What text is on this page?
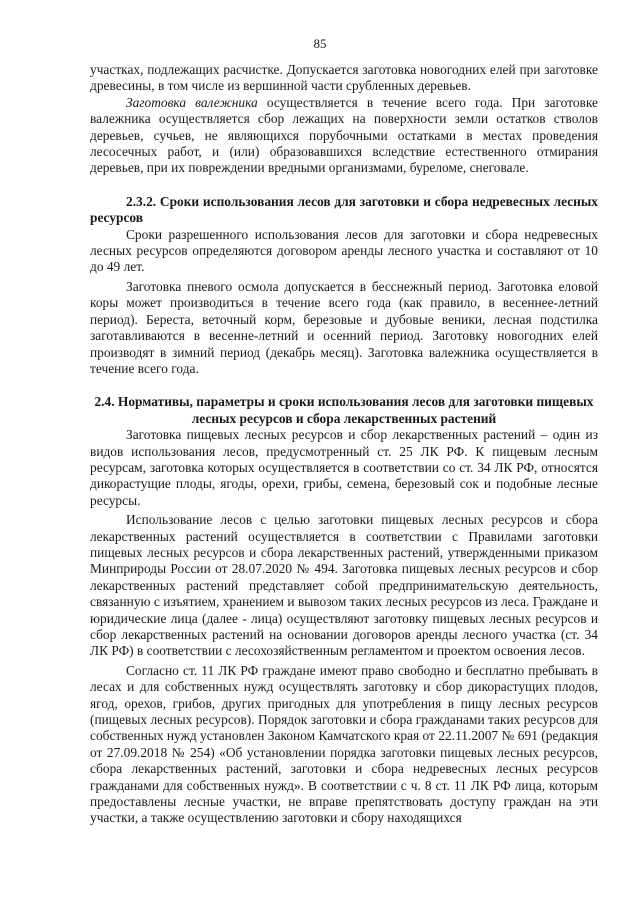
85

участках, подлежащих расчистке. Допускается заготовка новогодних елей при заготовке древесины, в том числе из вершинной части срубленных деревьев.

Заготовка валежника осуществляется в течение всего года. При заготовке валежника осуществляется сбор лежащих на поверхности земли остатков стволов деревьев, сучьев, не являющихся порубочными остатками в местах проведения лесосечных работ, и (или) образовавшихся вследствие естественного отмирания деревьев, при их повреждении вредными организмами, буреломе, снеговале.

2.3.2. Сроки использования лесов для заготовки и сбора недревесных лесных ресурсов

Сроки разрешенного использования лесов для заготовки и сбора недревесных лесных ресурсов определяются договором аренды лесного участка и составляют от 10 до 49 лет.

Заготовка пневого осмола допускается в бесснежный период. Заготовка еловой коры может производиться в течение всего года (как правило, в весеннее-летний период). Береста, веточный корм, березовые и дубовые веники, лесная подстилка заготавливаются в весенне-летний и осенний период. Заготовку новогодних елей производят в зимний период (декабрь месяц). Заготовка валежника осуществляется в течение всего года.

2.4. Нормативы, параметры и сроки использования лесов для заготовки пищевых лесных ресурсов и сбора лекарственных растений

Заготовка пищевых лесных ресурсов и сбор лекарственных растений – один из видов использования лесов, предусмотренный ст. 25 ЛК РФ. К пищевым лесным ресурсам, заготовка которых осуществляется в соответствии со ст. 34 ЛК РФ, относятся дикорастущие плоды, ягоды, орехи, грибы, семена, березовый сок и подобные лесные ресурсы.

Использование лесов с целью заготовки пищевых лесных ресурсов и сбора лекарственных растений осуществляется в соответствии с Правилами заготовки пищевых лесных ресурсов и сбора лекарственных растений, утвержденными приказом Минприроды России от 28.07.2020 № 494. Заготовка пищевых лесных ресурсов и сбор лекарственных растений представляет собой предпринимательскую деятельность, связанную с изъятием, хранением и вывозом таких лесных ресурсов из леса. Граждане и юридические лица (далее - лица) осуществляют заготовку пищевых лесных ресурсов и сбор лекарственных растений на основании договоров аренды лесного участка (ст. 34 ЛК РФ) в соответствии с лесохозяйственным регламентом и проектом освоения лесов.

Согласно ст. 11 ЛК РФ граждане имеют право свободно и бесплатно пребывать в лесах и для собственных нужд осуществлять заготовку и сбор дикорастущих плодов, ягод, орехов, грибов, других пригодных для употребления в пищу лесных ресурсов (пищевых лесных ресурсов). Порядок заготовки и сбора гражданами таких ресурсов для собственных нужд установлен Законом Камчатского края от 22.11.2007 № 691 (редакция от 27.09.2018 № 254) «Об установлении порядка заготовки пищевых лесных ресурсов, сбора лекарственных растений, заготовки и сбора недревесных лесных ресурсов гражданами для собственных нужд». В соответствии с ч. 8 ст. 11 ЛК РФ лица, которым предоставлены лесные участки, не вправе препятствовать доступу граждан на эти участки, а также осуществлению заготовки и сбору находящихся
